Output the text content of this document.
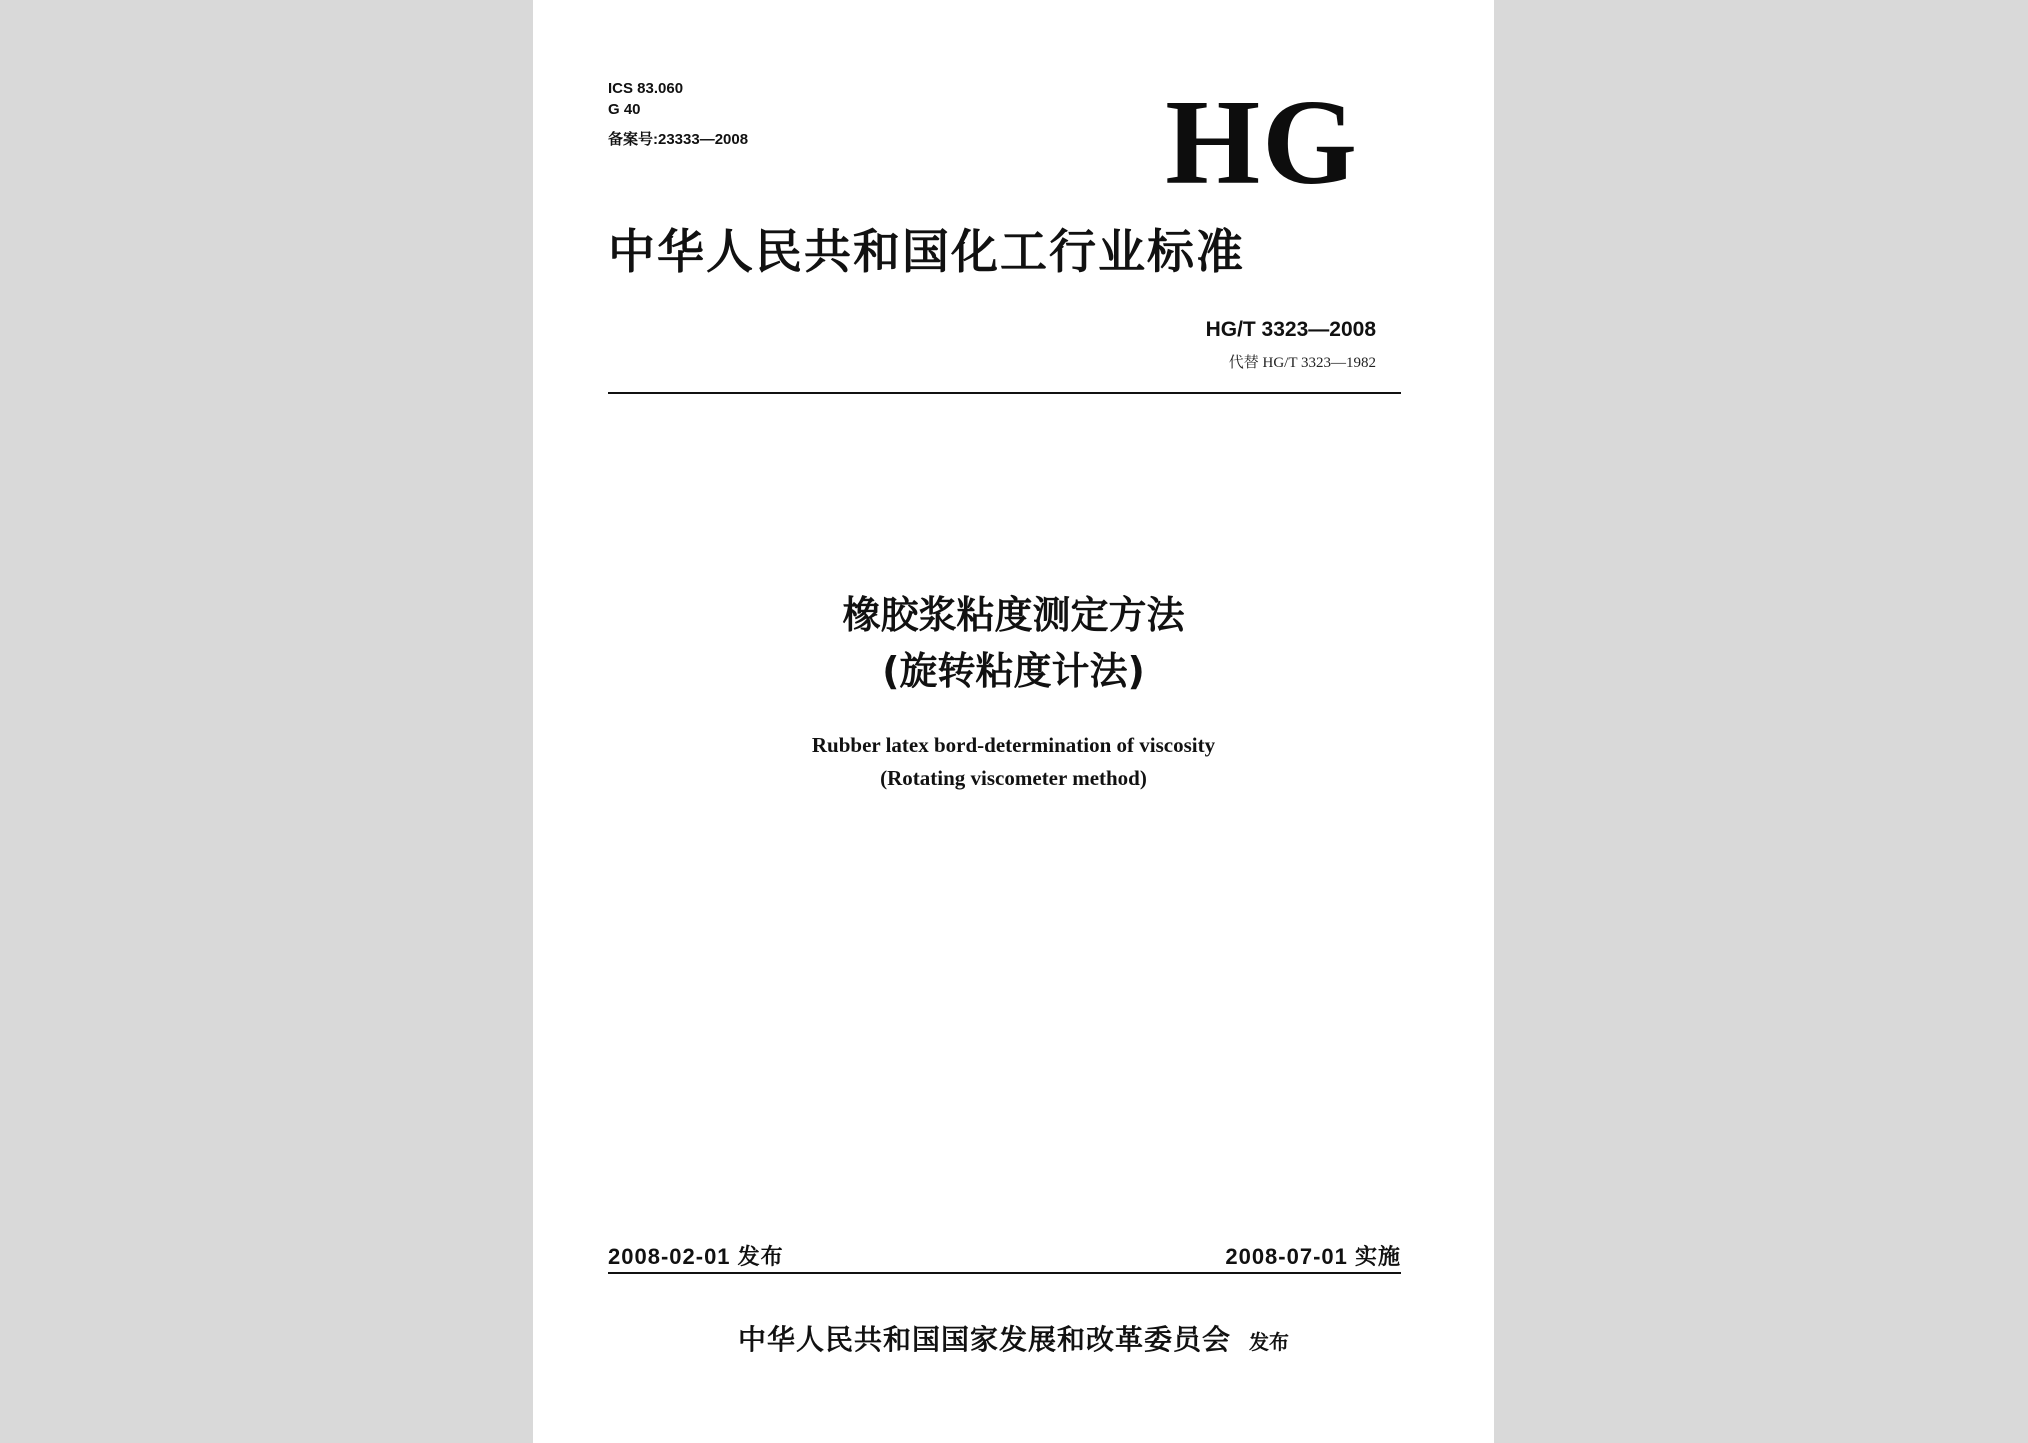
ICS 83.060
G 40
备案号:23333—2008	HG
中华人民共和国化工行业标准
HG/T 3323—2008
代替 HG/T 3323—1982
橡胶浆粘度测定方法
(旋转粘度计法)
Rubber latex bord-determination of viscosity
(Rotating viscometer method)
2008-02-01 发布	2008-07-01 实施
中华人民共和国国家发展和改革委员会 发布
